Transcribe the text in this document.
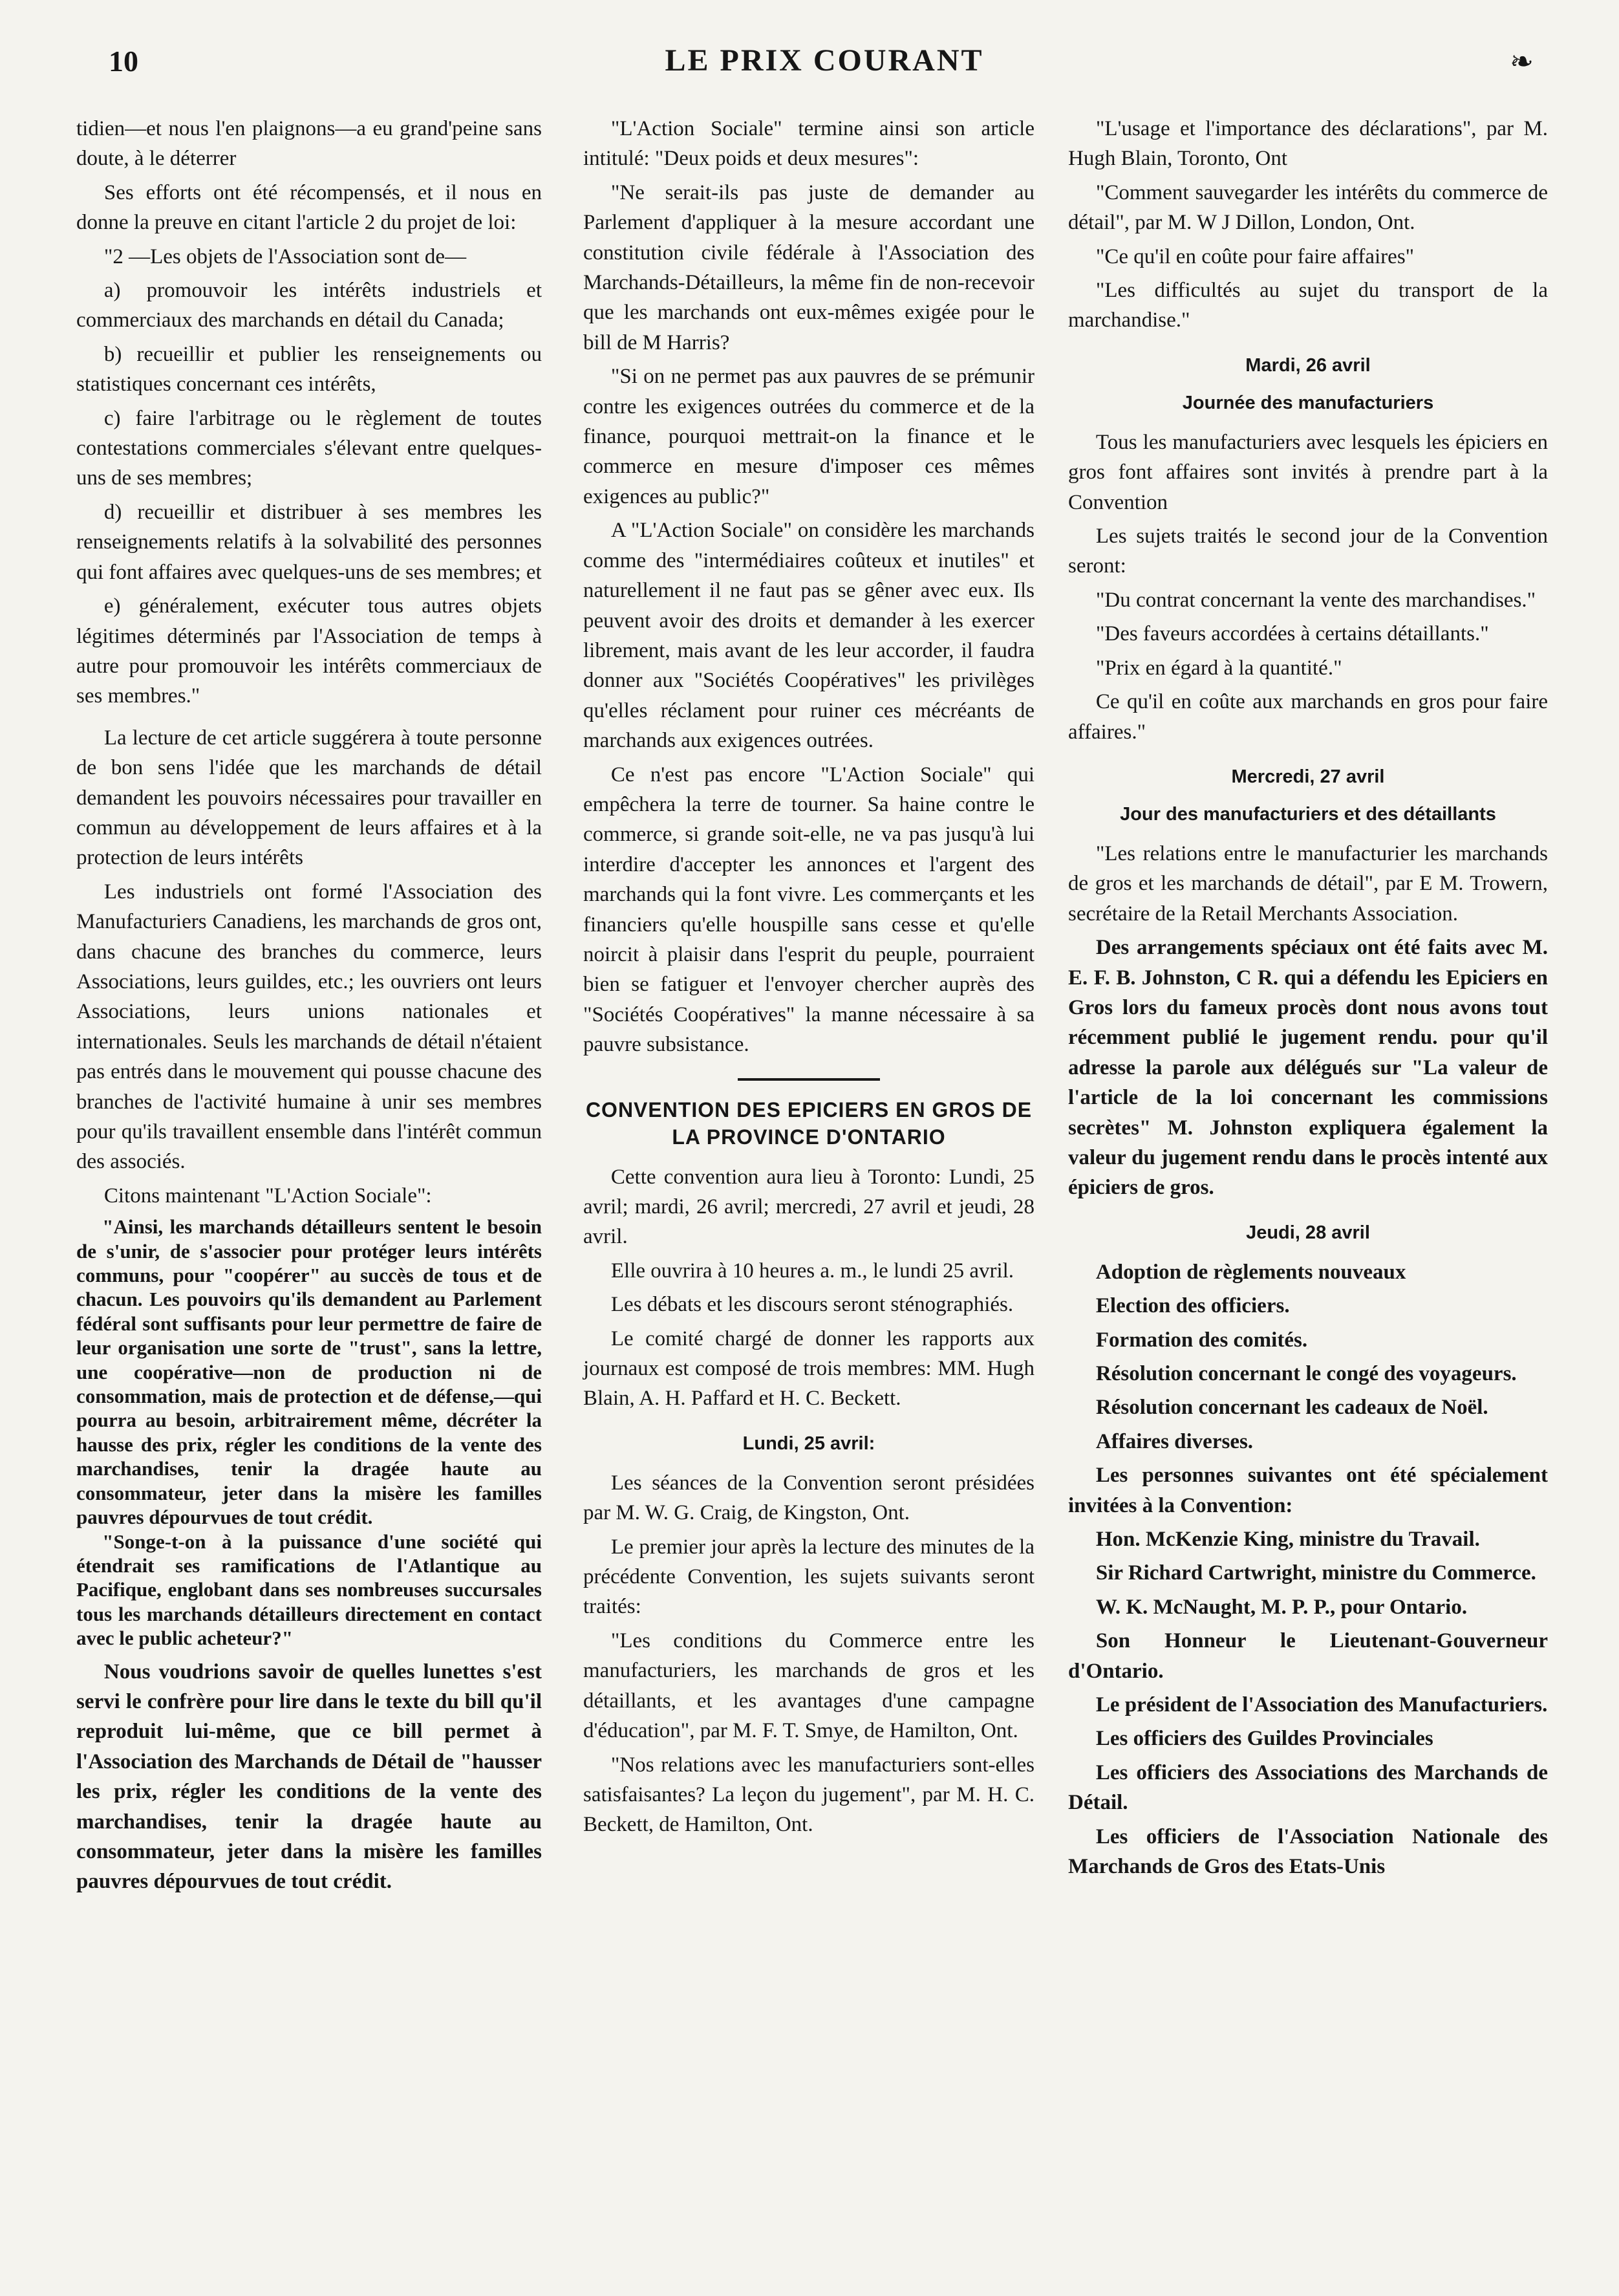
10	LE PRIX COURANT	❧

tidien—et nous l'en plaignons—a eu grand'peine sans doute, à le déterrer

Ses efforts ont été récompensés, et il nous en donne la preuve en citant l'article 2 du projet de loi:

"2 —Les objets de l'Association sont de—

a) promouvoir les intérêts industriels et commerciaux des marchands en détail du Canada;

b) recueillir et publier les renseignements ou statistiques concernant ces intérêts,

c) faire l'arbitrage ou le règlement de toutes contestations commerciales s'élevant entre quelques-uns de ses membres;

d) recueillir et distribuer à ses membres les renseignements relatifs à la solvabilité des personnes qui font affaires avec quelques-uns de ses membres; et

e) généralement, exécuter tous autres objets légitimes déterminés par l'Association de temps à autre pour promouvoir les intérêts commerciaux de ses membres."

La lecture de cet article suggérera à toute personne de bon sens l'idée que les marchands de détail demandent les pouvoirs nécessaires pour travailler en commun au développement de leurs affaires et à la protection de leurs intérêts

Les industriels ont formé l'Association des Manufacturiers Canadiens, les marchands de gros ont, dans chacune des branches du commerce, leurs Associations, leurs guildes, etc.; les ouvriers ont leurs Associations, leurs unions nationales et internationales. Seuls les marchands de détail n'étaient pas entrés dans le mouvement qui pousse chacune des branches de l'activité humaine à unir ses membres pour qu'ils travaillent ensemble dans l'intérêt commun des associés.

Citons maintenant "L'Action Sociale":

"Ainsi, les marchands détailleurs sentent le besoin de s'unir, de s'associer pour protéger leurs intérêts communs, pour "coopérer" au succès de tous et de chacun. Les pouvoirs qu'ils demandent au Parlement fédéral sont suffisants pour leur permettre de faire de leur organisation une sorte de "trust", sans la lettre, une coopérative—non de production ni de consommation, mais de protection et de défense,—qui pourra au besoin, arbitrairement même, décréter la hausse des prix, régler les conditions de la vente des marchandises, tenir la dragée haute au consommateur, jeter dans la misère les familles pauvres dépourvues de tout crédit.
"Songe-t-on à la puissance d'une société qui étendrait ses ramifications de l'Atlantique au Pacifique, englobant dans ses nombreuses succursales tous les marchands détailleurs directement en contact avec le public acheteur?"

Nous voudrions savoir de quelles lunettes s'est servi le confrère pour lire dans le texte du bill qu'il reproduit lui-même, que ce bill permet à l'Association des Marchands de Détail de "hausser les prix, régler les conditions de la vente des marchandises, tenir la dragée haute au consommateur, jeter dans la misère les familles pauvres dépourvues de tout crédit.

"L'Action Sociale" termine ainsi son article intitulé: "Deux poids et deux mesures":

"Ne serait-ils pas juste de demander au Parlement d'appliquer à la mesure accordant une constitution civile fédérale à l'Association des Marchands-Détailleurs, la même fin de non-recevoir que les marchands ont eux-mêmes exigée pour le bill de M Harris?

"Si on ne permet pas aux pauvres de se prémunir contre les exigences outrées du commerce et de la finance, pourquoi mettrait-on la finance et le commerce en mesure d'imposer ces mêmes exigences au public?"

A "L'Action Sociale" on considère les marchands comme des "intermédiaires coûteux et inutiles" et naturellement il ne faut pas se gêner avec eux. Ils peuvent avoir des droits et demander à les exercer librement, mais avant de les leur accorder, il faudra donner aux "Sociétés Coopératives" les privilèges qu'elles réclament pour ruiner ces mécréants de marchands aux exigences outrées.

Ce n'est pas encore "L'Action Sociale" qui empêchera la terre de tourner. Sa haine contre le commerce, si grande soit-elle, ne va pas jusqu'à lui interdire d'accepter les annonces et l'argent des marchands qui la font vivre. Les commerçants et les financiers qu'elle houspille sans cesse et qu'elle noircit à plaisir dans l'esprit du peuple, pourraient bien se fatiguer et l'envoyer chercher auprès des "Sociétés Coopératives" la manne nécessaire à sa pauvre subsistance.

CONVENTION DES EPICIERS EN GROS DE LA PROVINCE D'ONTARIO

Cette convention aura lieu à Toronto: Lundi, 25 avril; mardi, 26 avril; mercredi, 27 avril et jeudi, 28 avril.

Elle ouvrira à 10 heures a. m., le lundi 25 avril.

Les débats et les discours seront sténographiés.

Le comité chargé de donner les rapports aux journaux est composé de trois membres: MM. Hugh Blain, A. H. Paffard et H. C. Beckett.

Lundi, 25 avril:

Les séances de la Convention seront présidées par M. W. G. Craig, de Kingston, Ont.

Le premier jour après la lecture des minutes de la précédente Convention, les sujets suivants seront traités:

"Les conditions du Commerce entre les manufacturiers, les marchands de gros et les détaillants, et les avantages d'une campagne d'éducation", par M. F. T. Smye, de Hamilton, Ont.

"Nos relations avec les manufacturiers sont-elles satisfaisantes? La leçon du jugement", par M. H. C. Beckett, de Hamilton, Ont.

"L'usage et l'importance des déclarations", par M. Hugh Blain, Toronto, Ont

"Comment sauvegarder les intérêts du commerce de détail", par M. W J Dillon, London, Ont.

"Ce qu'il en coûte pour faire affaires"

"Les difficultés au sujet du transport de la marchandise."

Mardi, 26 avril
Journée des manufacturiers

Tous les manufacturiers avec lesquels les épiciers en gros font affaires sont invités à prendre part à la Convention

Les sujets traités le second jour de la Convention seront:

"Du contrat concernant la vente des marchandises."

"Des faveurs accordées à certains détaillants."

"Prix en égard à la quantité."

Ce qu'il en coûte aux marchands en gros pour faire affaires."

Mercredi, 27 avril
Jour des manufacturiers et des détaillants

"Les relations entre le manufacturier les marchands de gros et les marchands de détail", par E M. Trowern, secrétaire de la Retail Merchants Association.

Des arrangements spéciaux ont été faits avec M. E. F. B. Johnston, C R. qui a défendu les Epiciers en Gros lors du fameux procès dont nous avons tout récemment publié le jugement rendu. pour qu'il adresse la parole aux délégués sur "La valeur de l'article de la loi concernant les commissions secrètes" M. Johnston expliquera également la valeur du jugement rendu dans le procès intenté aux épiciers de gros.

Jeudi, 28 avril

Adoption de règlements nouveaux

Election des officiers.

Formation des comités.

Résolution concernant le congé des voyageurs.

Résolution concernant les cadeaux de Noël.

Affaires diverses.

Les personnes suivantes ont été spécialement invitées à la Convention:

Hon. McKenzie King, ministre du Travail.

Sir Richard Cartwright, ministre du Commerce.

W. K. McNaught, M. P. P., pour Ontario.

Son Honneur le Lieutenant-Gouverneur d'Ontario.

Le président de l'Association des Manufacturiers.

Les officiers des Guildes Provinciales

Les officiers des Associations des Marchands de Détail.

Les officiers de l'Association Nationale des Marchands de Gros des Etats-Unis
